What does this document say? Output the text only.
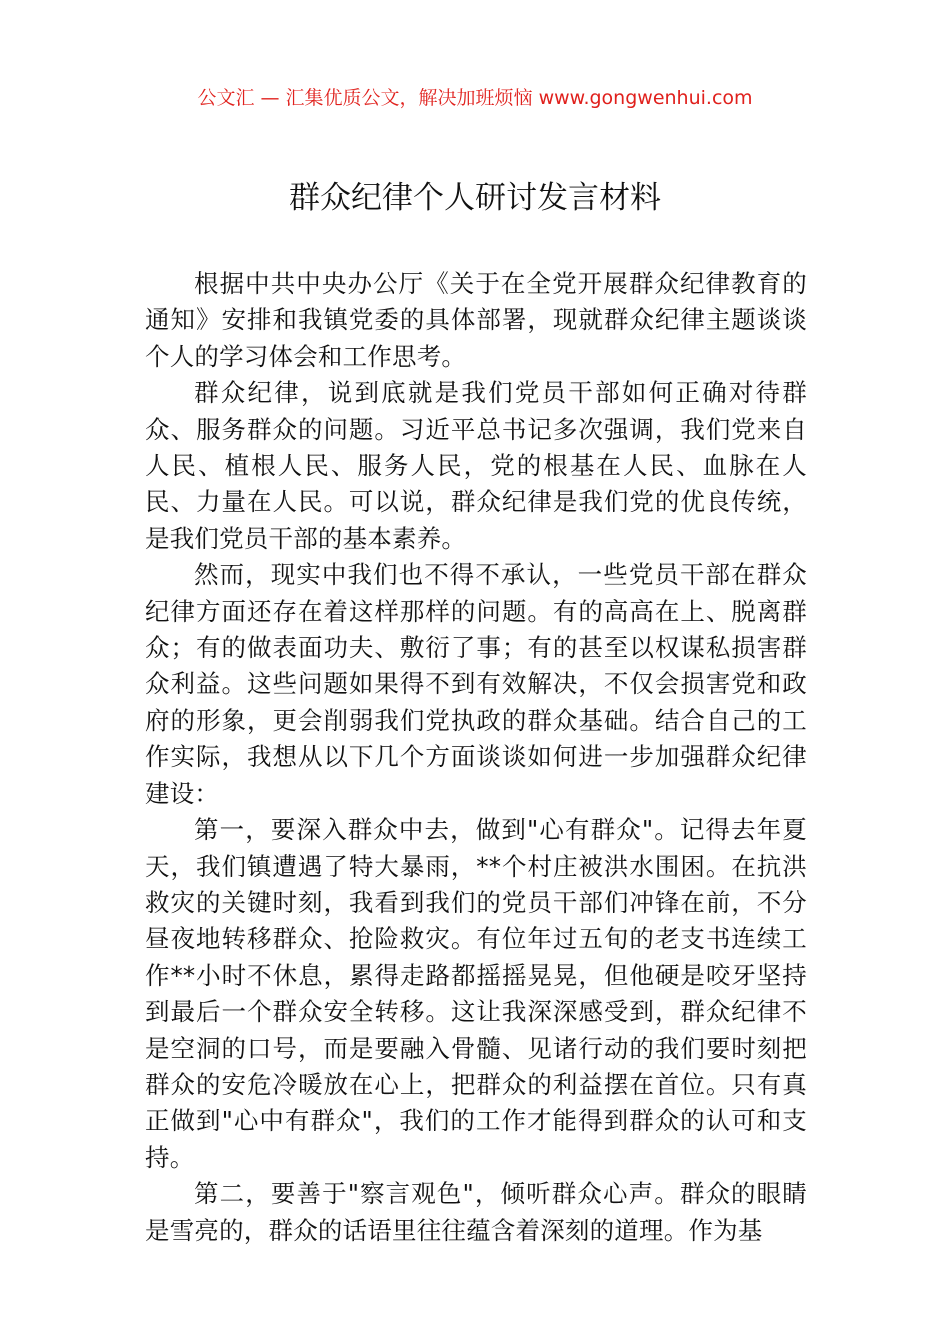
公文汇 — 汇集优质公文，解决加班烦恼 www.gongwenhui.com
群众纪律个人研讨发言材料

根据中共中央办公厅《关于在全党开展群众纪律教育的通知》安排和我镇党委的具体部署，现就群众纪律主题谈谈个人的学习体会和工作思考。

群众纪律，说到底就是我们党员干部如何正确对待群众、服务群众的问题。习近平总书记多次强调，我们党来自人民、植根人民、服务人民，党的根基在人民、血脉在人民、力量在人民。可以说，群众纪律是我们党的优良传统，是我们党员干部的基本素养。

然而，现实中我们也不得不承认，一些党员干部在群众纪律方面还存在着这样那样的问题。有的高高在上、脱离群众；有的做表面功夫、敷衍了事；有的甚至以权谋私损害群众利益。这些问题如果得不到有效解决，不仅会损害党和政府的形象，更会削弱我们党执政的群众基础。结合自己的工作实际，我想从以下几个方面谈谈如何进一步加强群众纪律建设：

第一，要深入群众中去，做到"心有群众"。记得去年夏天，我们镇遭遇了特大暴雨，**个村庄被洪水围困。在抗洪救灾的关键时刻，我看到我们的党员干部们冲锋在前，不分昼夜地转移群众、抢险救灾。有位年过五旬的老支书连续工作**小时不休息，累得走路都摇摇晃晃，但他硬是咬牙坚持到最后一个群众安全转移。这让我深深感受到，群众纪律不是空洞的口号，而是要融入骨髓、见诸行动的我们要时刻把群众的安危冷暖放在心上，把群众的利益摆在首位。只有真正做到"心中有群众"，我们的工作才能得到群众的认可和支持。

第二，要善于"察言观色"，倾听群众心声。群众的眼睛是雪亮的，群众的话语里往往蕴含着深刻的道理。作为基
